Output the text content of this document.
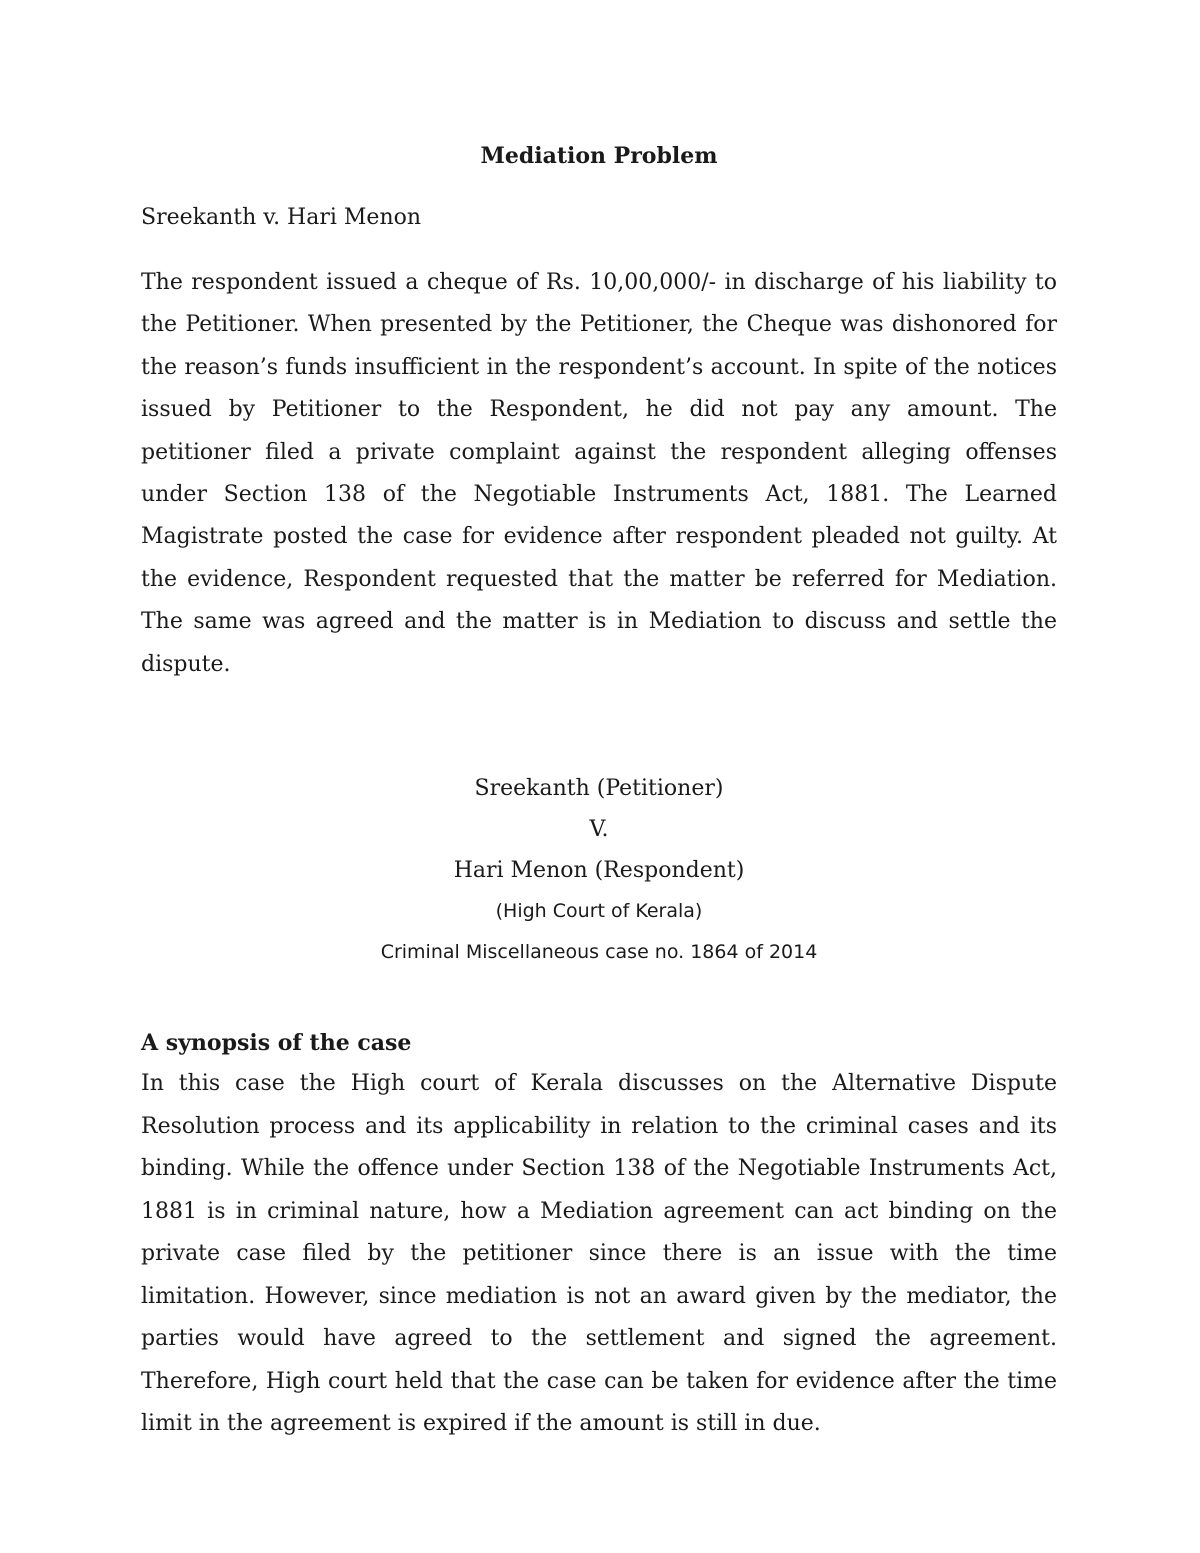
Mediation Problem

Sreekanth v. Hari Menon

The respondent issued a cheque of Rs. 10,00,000/- in discharge of his liability to the Petitioner. When presented by the Petitioner, the Cheque was dishonored for the reason’s funds insufficient in the respondent’s account. In spite of the notices issued by Petitioner to the Respondent, he did not pay any amount. The petitioner filed a private complaint against the respondent alleging offenses under Section 138 of the Negotiable Instruments Act, 1881. The Learned Magistrate posted the case for evidence after respondent pleaded not guilty. At the evidence, Respondent requested that the matter be referred for Mediation. The same was agreed and the matter is in Mediation to discuss and settle the dispute.

Sreekanth (Petitioner)
V.
Hari Menon (Respondent)
(High Court of Kerala)
Criminal Miscellaneous case no. 1864 of 2014

A synopsis of the case

In this case the High court of Kerala discusses on the Alternative Dispute Resolution process and its applicability in relation to the criminal cases and its binding. While the offence under Section 138 of the Negotiable Instruments Act, 1881 is in criminal nature, how a Mediation agreement can act binding on the private case filed by the petitioner since there is an issue with the time limitation. However, since mediation is not an award given by the mediator, the parties would have agreed to the settlement and signed the agreement. Therefore, High court held that the case can be taken for evidence after the time limit in the agreement is expired if the amount is still in due.
